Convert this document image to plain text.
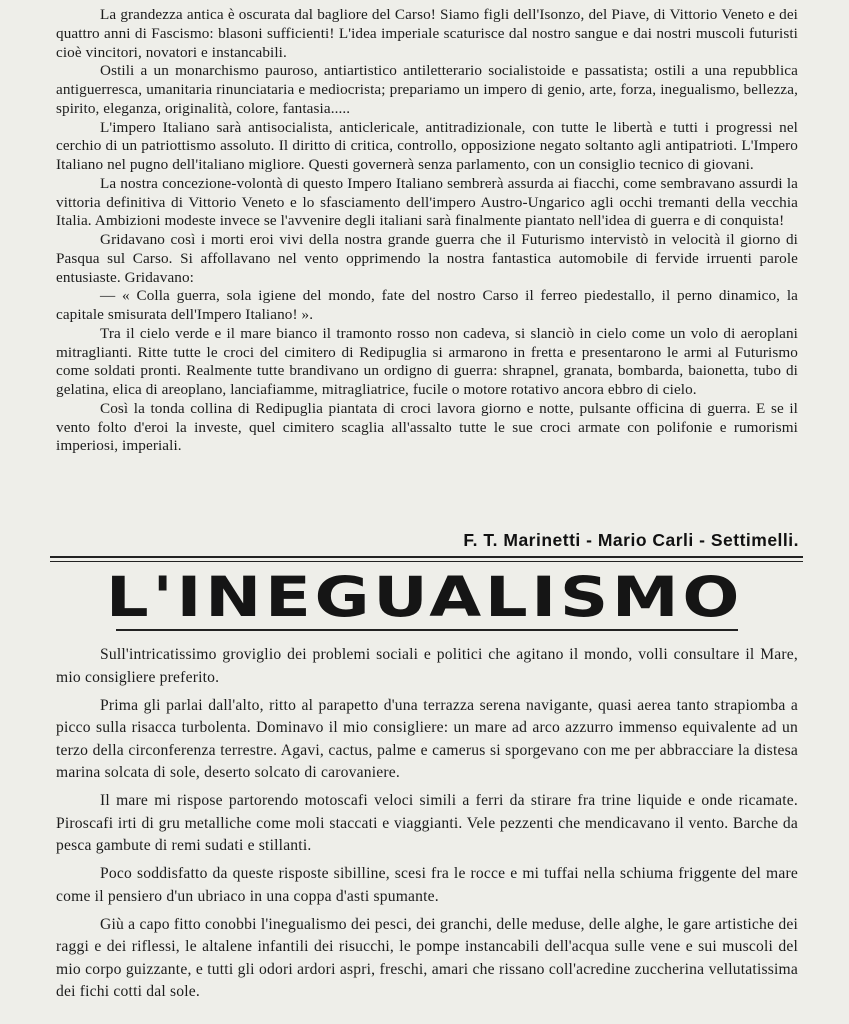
La grandezza antica è oscurata dal bagliore del Carso! Siamo figli dell'Isonzo, del Piave, di Vittorio Veneto e dei quattro anni di Fascismo: blasoni sufficienti! L'idea imperiale scaturisce dal nostro sangue e dai nostri muscoli futuristi cioè vincitori, novatori e instancabili.

Ostili a un monarchismo pauroso, antiartistico antiletterario socialistoide e passatista; ostili a una repubblica antiguerresca, umanitaria rinunciataria e mediocrista; prepariamo un impero di genio, arte, forza, inegualismo, bellezza, spirito, eleganza, originalità, colore, fantasia.....

L'impero Italiano sarà antisocialista, anticlericale, antitradizionale, con tutte le libertà e tutti i progressi nel cerchio di un patriottismo assoluto. Il diritto di critica, controllo, opposizione negato soltanto agli antipatrioti. L'Impero Italiano nel pugno dell'italiano migliore. Questi governerà senza parlamento, con un consiglio tecnico di giovani.

La nostra concezione-volontà di questo Impero Italiano sembrerà assurda ai fiacchi, come sembravano assurdi la vittoria definitiva di Vittorio Veneto e lo sfasciamento dell'impero Austro-Ungarico agli occhi tremanti della vecchia Italia. Ambizioni modeste invece se l'avvenire degli italiani sarà finalmente piantato nell'idea di guerra e di conquista!

Gridavano così i morti eroi vivi della nostra grande guerra che il Futurismo intervistò in velocità il giorno di Pasqua sul Carso. Si affollavano nel vento opprimendo la nostra fantastica automobile di fervide irruenti parole entusiaste. Gridavano:

— « Colla guerra, sola igiene del mondo, fate del nostro Carso il ferreo piedestallo, il perno dinamico, la capitale smisurata dell'Impero Italiano! ».

Tra il cielo verde e il mare bianco il tramonto rosso non cadeva, si slanciò in cielo come un volo di aeroplani mitraglianti. Ritte tutte le croci del cimitero di Redipuglia si armarono in fretta e presentarono le armi al Futurismo come soldati pronti. Realmente tutte brandivano un ordigno di guerra: shrapnel, granata, bombarda, baionetta, tubo di gelatina, elica di areoplano, lanciafiamme, mitragliatrice, fucile o motore rotativo ancora ebbro di cielo.

Così la tonda collina di Redipuglia piantata di croci lavora giorno e notte, pulsante officina di guerra. E se il vento folto d'eroi la investe, quel cimitero scaglia all'assalto tutte le sue croci armate con polifonie e rumorismi imperiosi, imperiali.

F. T. Marinetti - Mario Carli - Settimelli.
L'INEGUALISMO

Sull'intricatissimo groviglio dei problemi sociali e politici che agitano il mondo, volli consultare il Mare, mio consigliere preferito.

Prima gli parlai dall'alto, ritto al parapetto d'una terrazza serena navigante, quasi aerea tanto strapiomba a picco sulla risacca turbolenta. Dominavo il mio consigliere: un mare ad arco azzurro immenso equivalente ad un terzo della circonferenza terrestre. Agavi, cactus, palme e camerus si sporgevano con me per abbracciare la distesa marina solcata di sole, deserto solcato di carovaniere.

Il mare mi rispose partorendo motoscafi veloci simili a ferri da stirare fra trine liquide e onde ricamate. Piroscafi irti di gru metalliche come moli staccati e viaggianti. Vele pezzenti che mendicavano il vento. Barche da pesca gambute di remi sudati e stillanti.

Poco soddisfatto da queste risposte sibilline, scesi fra le rocce e mi tuffai nella schiuma friggente del mare come il pensiero d'un ubriaco in una coppa d'asti spumante.

Giù a capo fitto conobbi l'inegualismo dei pesci, dei granchi, delle meduse, delle alghe, le gare artistiche dei raggi e dei riflessi, le altalene infantili dei risucchi, le pompe instancabili dell'acqua sulle vene e sui muscoli del mio corpo guizzante, e tutti gli odori ardori aspri, freschi, amari che rissano coll'acredine zuccherina vellutatissima dei fichi cotti dal sole.
